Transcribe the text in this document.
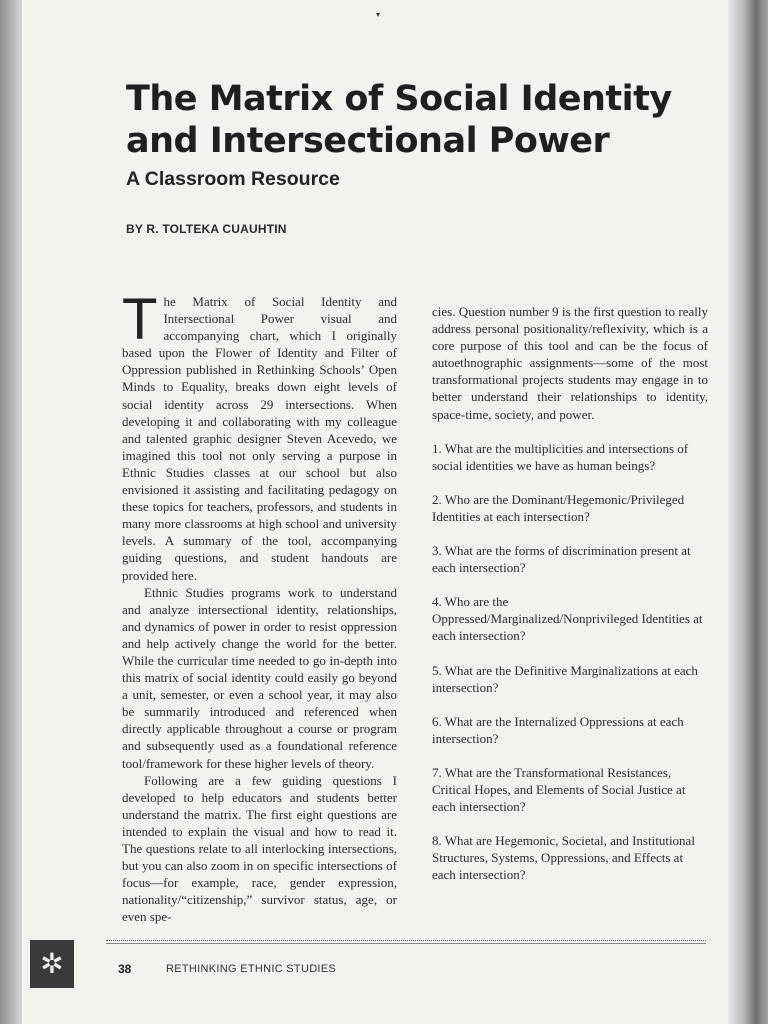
▾
The Matrix of Social Identity
and Intersectional Power
A Classroom Resource

BY R. TOLTEKA CUAUHTIN

The Matrix of Social Identity and Intersectional Power visual and accompanying chart, which I originally based upon the Flower of Identity and Filter of Oppression published in Rethinking Schools’ Open Minds to Equality, breaks down eight levels of social identity across 29 intersections. When developing it and collaborating with my colleague and talented graphic designer Steven Acevedo, we imagined this tool not only serving a purpose in Ethnic Studies classes at our school but also envisioned it assisting and facilitating pedagogy on these topics for teachers, professors, and students in many more classrooms at high school and university levels. A summary of the tool, accompanying guiding questions, and student handouts are provided here.

Ethnic Studies programs work to understand and analyze intersectional identity, relationships, and dynamics of power in order to resist oppression and help actively change the world for the better. While the curricular time needed to go in-depth into this matrix of social identity could easily go beyond a unit, semester, or even a school year, it may also be summarily introduced and referenced when directly applicable throughout a course or program and subsequently used as a foundational reference tool/framework for these higher levels of theory.

Following are a few guiding questions I developed to help educators and students better understand the matrix. The first eight questions are intended to explain the visual and how to read it. The questions relate to all interlocking intersections, but you can also zoom in on specific intersections of focus—for example, race, gender expression, nationality/“citizenship,” survivor status, age, or even spe-

cies. Question number 9 is the first question to really address personal positionality/reflexivity, which is a core purpose of this tool and can be the focus of autoethnographic assignments—some of the most transformational projects students may engage in to better understand their relationships to identity, space-time, society, and power.

1. What are the multiplicities and intersections of social identities we have as human beings?

2. Who are the Dominant/Hegemonic/Privileged Identities at each intersection?

3. What are the forms of discrimination present at each intersection?

4. Who are the Oppressed/Marginalized/Nonprivileged Identities at each intersection?

5. What are the Definitive Marginalizations at each intersection?

6. What are the Internalized Oppressions at each intersection?

7. What are the Transformational Resistances, Critical Hopes, and Elements of Social Justice at each intersection?

8. What are Hegemonic, Societal, and Institutional Structures, Systems, Oppressions, and Effects at each intersection?

✲	38	RETHINKING ETHNIC STUDIES
